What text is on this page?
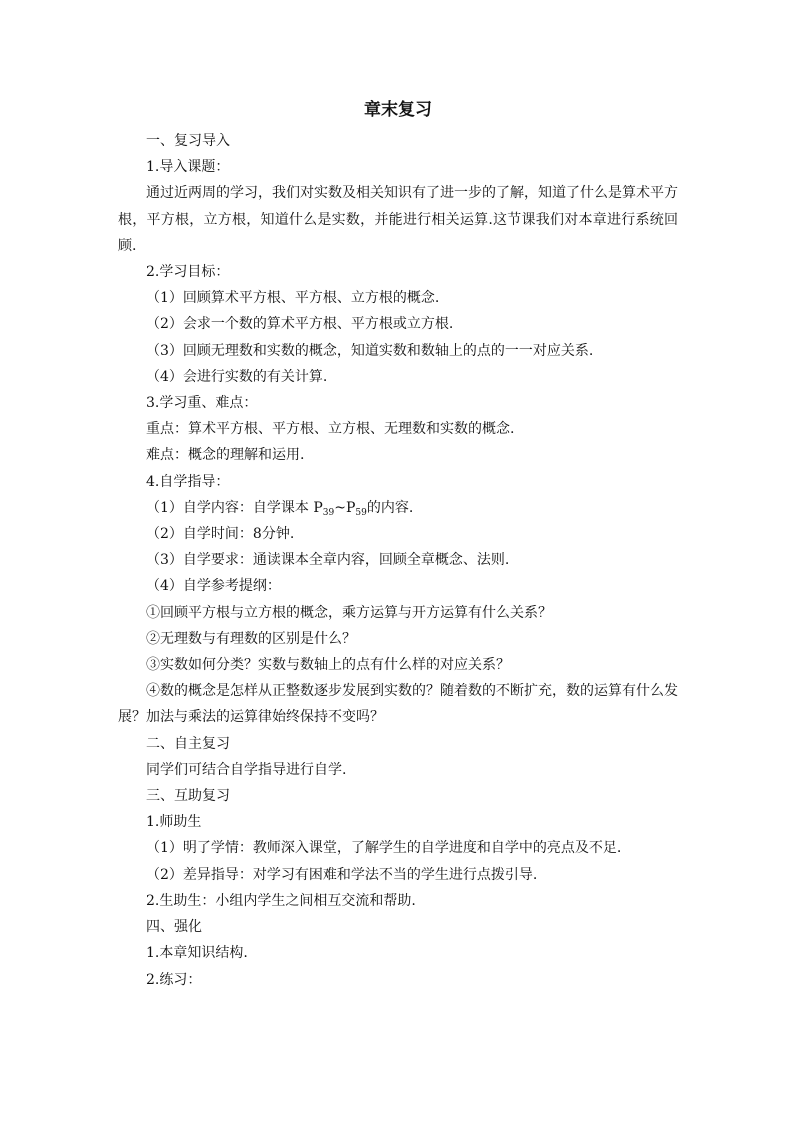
章末复习

一、复习导入

1.导入课题：

通过近两周的学习，我们对实数及相关知识有了进一步的了解，知道了什么是算术平方根，平方根，立方根，知道什么是实数，并能进行相关运算.这节课我们对本章进行系统回顾.

2.学习目标：

（1）回顾算术平方根、平方根、立方根的概念.

（2）会求一个数的算术平方根、平方根或立方根.

（3）回顾无理数和实数的概念，知道实数和数轴上的点的一一对应关系.

（4）会进行实数的有关计算.

3.学习重、难点：

重点：算术平方根、平方根、立方根、无理数和实数的概念.

难点：概念的理解和运用.

4.自学指导：

（1）自学内容：自学课本 $P_{39}\sim P_{59}$的内容.

（2）自学时间：8分钟.

（3）自学要求：通读课本全章内容，回顾全章概念、法则.

（4）自学参考提纲：

①回顾平方根与立方根的概念，乘方运算与开方运算有什么关系？

②无理数与有理数的区别是什么？

③实数如何分类？实数与数轴上的点有什么样的对应关系？

④数的概念是怎样从正整数逐步发展到实数的？随着数的不断扩充，数的运算有什么发展？加法与乘法的运算律始终保持不变吗？

二、自主复习

同学们可结合自学指导进行自学.

三、互助复习

1.师助生

（1）明了学情：教师深入课堂，了解学生的自学进度和自学中的亮点及不足.

（2）差异指导：对学习有困难和学法不当的学生进行点拨引导.

2.生助生：小组内学生之间相互交流和帮助.

四、强化

1.本章知识结构.

2.练习：
